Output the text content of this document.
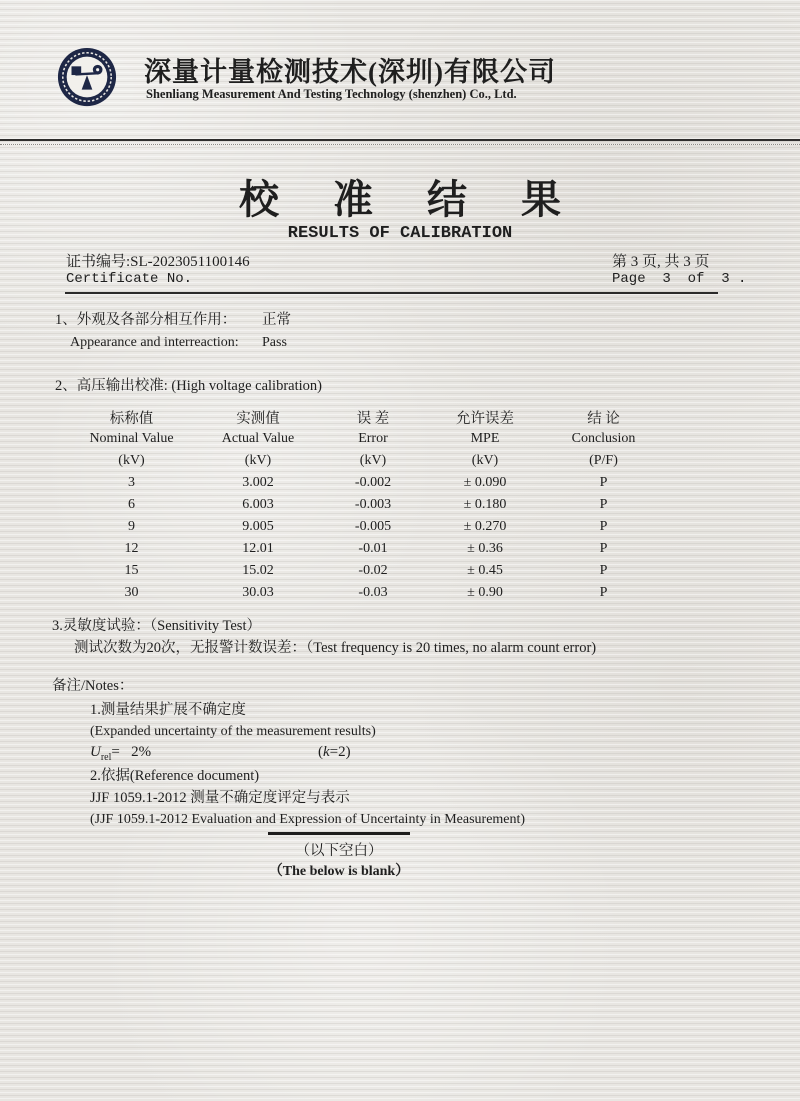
深量计量检测技术(深圳)有限公司
Shenliang Measurement And Testing Technology (shenzhen) Co., Ltd.
校 准 结 果
RESULTS OF CALIBRATION
证书编号:SL-2023051100146
Certificate No.
第 3 页, 共 3 页
Page  3  of  3 .
1、外观及各部分相互作用： 正常
Appearance and interreaction: Pass
2、高压输出校准: (High voltage calibration)
标称值	实测值	误 差	允许误差	结 论
Nominal Value	Actual Value	Error	MPE	Conclusion
(kV)	(kV)	(kV)	(kV)	(P/F)
3	3.002	-0.002	± 0.090	P
6	6.003	-0.003	± 0.180	P
9	9.005	-0.005	± 0.270	P
12	12.01	-0.01	± 0.36	P
15	15.02	-0.02	± 0.45	P
30	30.03	-0.03	± 0.90	P
3.灵敏度试验：（Sensitivity Test）
测试次数为20次，无报警计数误差：（Test frequency is 20 times, no alarm count error)
备注/Notes：
1.测量结果扩展不确定度
(Expanded uncertainty of the measurement results)
$U_{rel}= 2\%$	(k=2)
2.依据(Reference document)
JJF 1059.1-2012 测量不确定度评定与表示
(JJF 1059.1-2012 Evaluation and Expression of Uncertainty in Measurement)
（以下空白）
（The below is blank）
